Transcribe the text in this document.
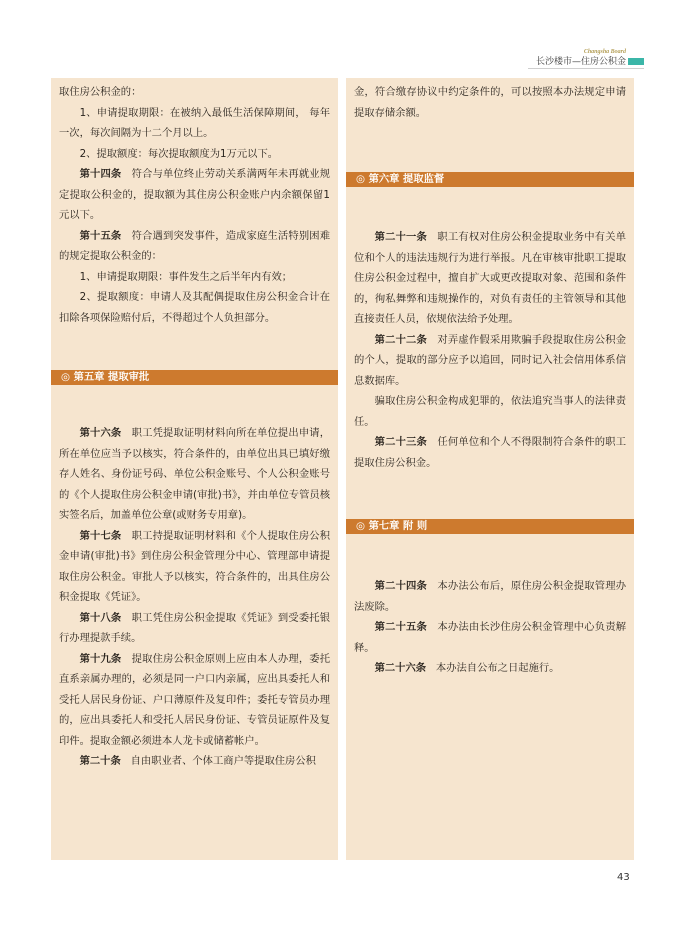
Changsha Board
长沙楼市—住房公积金

取住房公积金的：

1、申请提取期限：在被纳入最低生活保障期间， 每年一次，每次间隔为十二个月以上。

2、提取额度：每次提取额度为1万元以下。

第十四条 符合与单位终止劳动关系满两年未再就业规定提取公积金的，提取额为其住房公积金账户内余额保留1元以下。

第十五条 符合遇到突发事件，造成家庭生活特别困难的规定提取公积金的：

1、申请提取期限：事件发生之后半年内有效；

2、提取额度：申请人及其配偶提取住房公积金合计在扣除各项保险赔付后，不得超过个人负担部分。

◎ 第五章 提取审批

第十六条 职工凭提取证明材料向所在单位提出申请，所在单位应当予以核实，符合条件的，由单位出具已填好缴存人姓名、身份证号码、单位公积金账号、个人公积金账号的《个人提取住房公积金申请(审批)书》，并由单位专管员核实签名后，加盖单位公章(或财务专用章)。

第十七条 职工持提取证明材料和《个人提取住房公积金申请(审批)书》到住房公积金管理分中心、管理部申请提取住房公积金。审批人予以核实，符合条件的，出具住房公积金提取《凭证》。

第十八条 职工凭住房公积金提取《凭证》到受委托银行办理提款手续。

第十九条 提取住房公积金原则上应由本人办理，委托直系亲属办理的，必须是同一户口内亲属，应出具委托人和受托人居民身份证、户口薄原件及复印件；委托专管员办理的，应出具委托人和受托人居民身份证、专管员证原件及复印件。提取金额必须进本人龙卡或储蓄帐户。

第二十条 自由职业者、个体工商户等提取住房公积

金，符合缴存协议中约定条件的，可以按照本办法规定申请提取存储余额。

◎ 第六章 提取监督

第二十一条 职工有权对住房公积金提取业务中有关单位和个人的违法违规行为进行举报。凡在审核审批职工提取住房公积金过程中，擅自扩大或更改提取对象、范围和条件的，徇私舞弊和违规操作的，对负有责任的主管领导和其他直接责任人员，依规依法给予处理。

第二十二条 对弄虚作假采用欺骗手段提取住房公积金的个人，提取的部分应予以追回，同时记入社会信用体系信息数据库。

骗取住房公积金构成犯罪的，依法追究当事人的法律责任。

第二十三条 任何单位和个人不得限制符合条件的职工提取住房公积金。

◎ 第七章 附 则

第二十四条 本办法公布后，原住房公积金提取管理办法废除。

第二十五条 本办法由长沙住房公积金管理中心负责解释。

第二十六条 本办法自公布之日起施行。

43
